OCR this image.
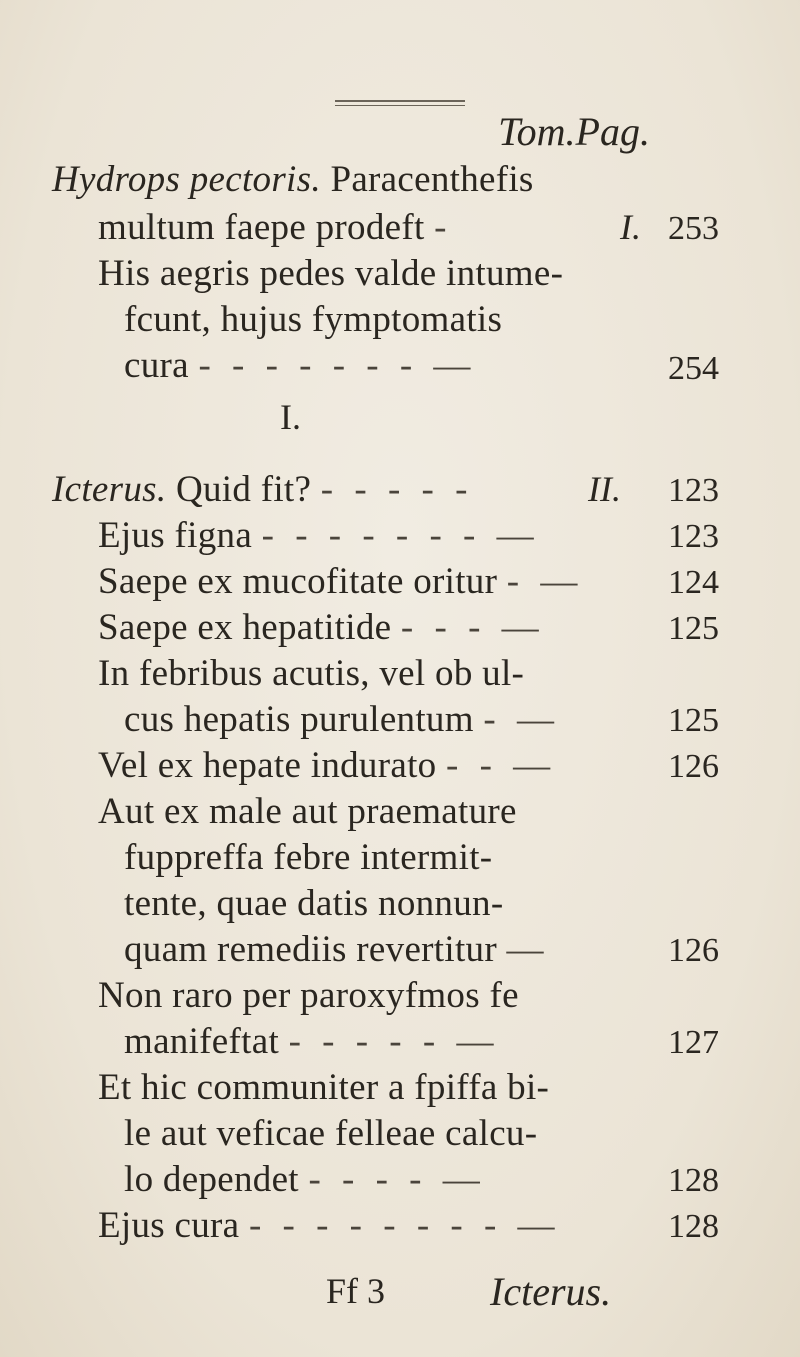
Tom.Pag.
Hydrops pectoris. Paracenthefis
multum faepe prodeft -	I. 253
His aegris pedes valde intume-
fcunt, hujus fymptomatis
cura - - - - - - - —	254
I.
Icterus. Quid fit? - - - - -	II. 123
Ejus figna - - - - - - - —	123
Saepe ex mucofitate oritur - — 124
Saepe ex hepatitide - - - —	125
In febribus acutis, vel ob ul-
cus hepatis purulentum - —	125
Vel ex hepate indurato - - —	126
Aut ex male aut praemature
fuppreffa febre intermit-
tente, quae datis nonnun-
quam remediis revertitur —	126
Non raro per paroxyfmos fe
manifeftat - - - - - —	127
Et hic communiter a fpiffa bi-
le aut veficae felleae calcu-
lo dependet - - - - —	128
Ejus cura - - - - - - - - —	128
Ff 3	Icterus.
